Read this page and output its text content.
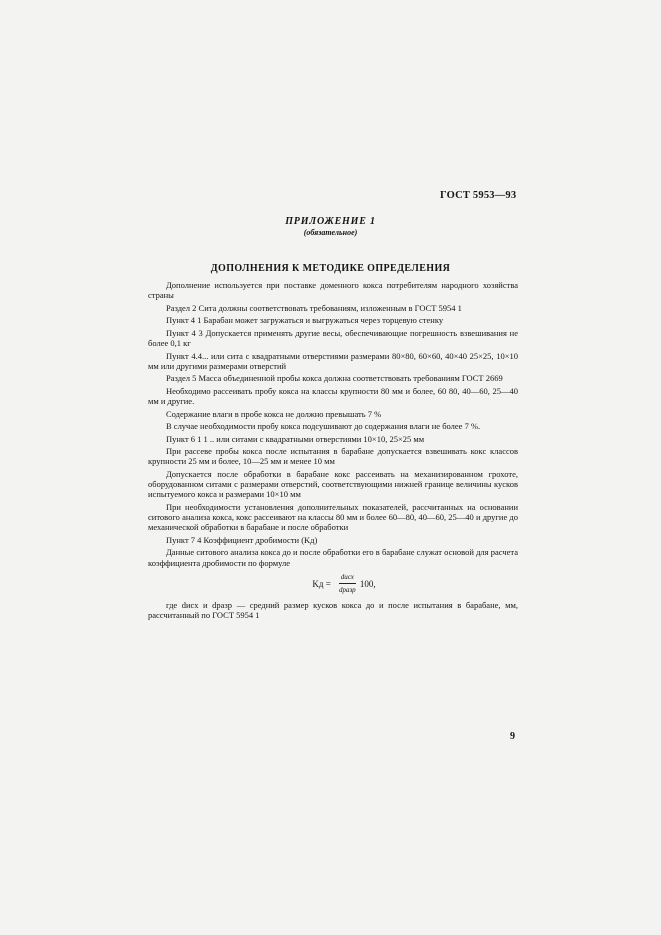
ГОСТ 5953—93
ПРИЛОЖЕНИЕ 1
(обязательное)
ДОПОЛНЕНИЯ К МЕТОДИКЕ ОПРЕДЕЛЕНИЯ

Дополнение используется при поставке доменного кокса потребителям народного хозяйства страны

Раздел 2 Сита должны соответствовать требованиям, изложенным в ГОСТ 5954 1

Пункт 4 1 Барабан может загружаться и выгружаться через торцевую стенку

Пункт 4 3 Допускается применять другие весы, обеспечивающие погрешность взвешивания не более 0,1 кг

Пункт 4.4... или сита с квадратными отверстиями размерами 80×80, 60×60, 40×40 25×25, 10×10 мм или другими размерами отверстий

Раздел 5 Масса объединенной пробы кокса должна соответствовать требованиям ГОСТ 2669

Необходимо рассеивать пробу кокса на классы крупности 80 мм и более, 60 80, 40—60, 25—40 мм и другие.

Содержание влаги в пробе кокса не должно превышать 7 %

В случае необходимости пробу кокса подсушивают до содержания влаги не более 7 %.

Пункт 6 1 1 .. или ситами с квадратными отверстиями 10×10, 25×25 мм

При рассеве пробы кокса после испытания в барабане допускается взвешивать кокс классов крупности 25 мм и более, 10—25 мм и менее 10 мм

Допускается после обработки в барабане кокс рассеивать на механизированном грохоте, оборудованном ситами с размерами отверстий, соответствующими нижней границе величины кусков испытуемого кокса и размерами 10×10 мм

При необходимости установления дополнительных показателей, рассчитанных на основании ситового анализа кокса, кокс рассеивают на классы 80 мм и более 60—80, 40—60, 25—40 и другие до механической обработки в барабане и после обработки

Пункт 7 4 Коэффициент дробимости (Kд)

Данные ситового анализа кокса до и после обработки его в барабане служат основой для расчета коэффициента дробимости по формуле

Kд = $\frac{\text{dисх}}{\text{dразр}} 100$,

где dисх и dразр — средний размер кусков кокса до и после испытания в барабане, мм, рассчитанный по ГОСТ 5954 1

9
